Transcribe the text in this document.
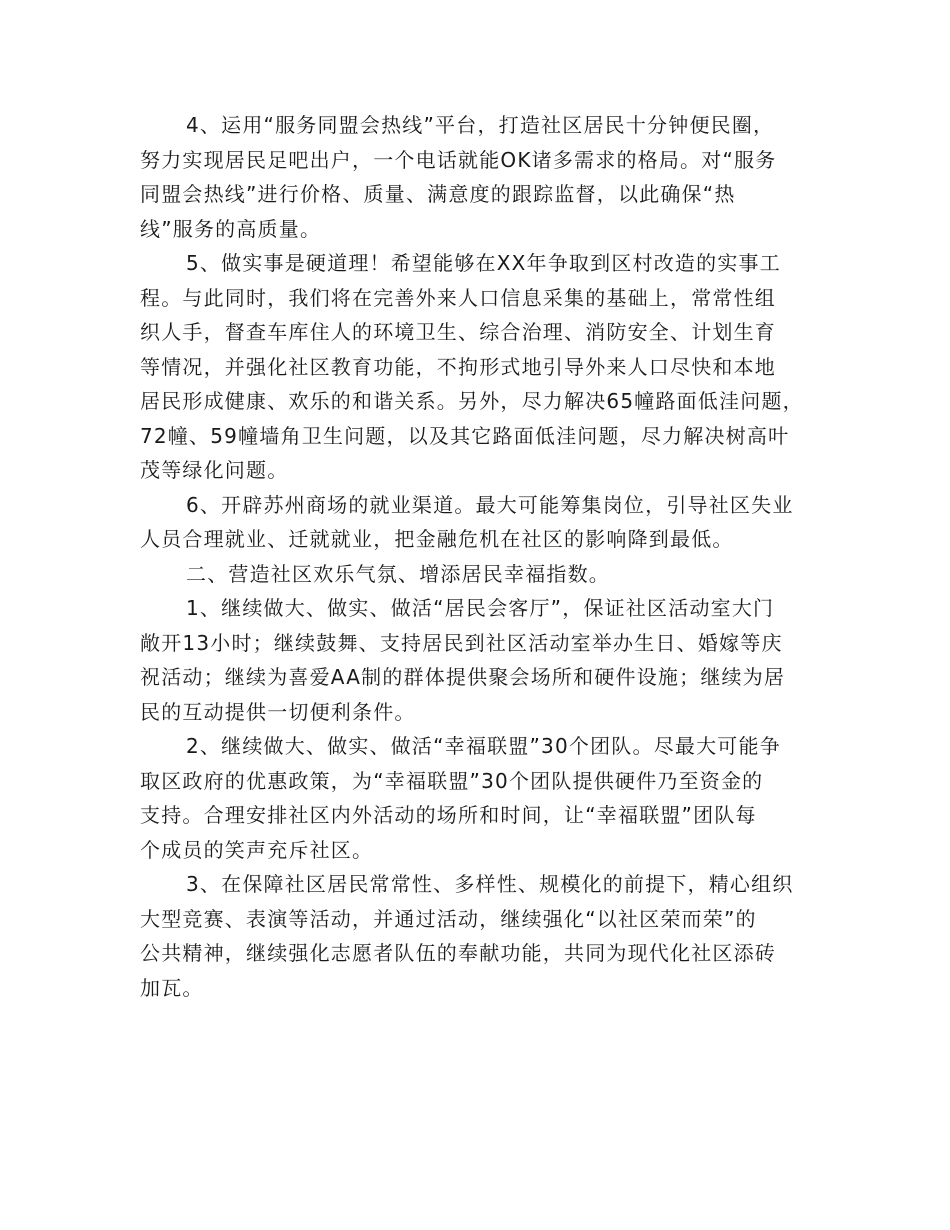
4、运用“服务同盟会热线”平台，打造社区居民十分钟便民圈，
努力实现居民足吧出户，一个电话就能OK诸多需求的格局。对“服务
同盟会热线”进行价格、质量、满意度的跟踪监督，以此确保“热
线”服务的高质量。
5、做实事是硬道理！希望能够在XX年争取到区村改造的实事工
程。与此同时，我们将在完善外来人口信息采集的基础上，常常性组
织人手，督查车库住人的环境卫生、综合治理、消防安全、计划生育
等情况，并强化社区教育功能，不拘形式地引导外来人口尽快和本地
居民形成健康、欢乐的和谐关系。另外，尽力解决65幢路面低洼问题，
72幢、59幢墙角卫生问题，以及其它路面低洼问题，尽力解决树高叶
茂等绿化问题。
6、开辟苏州商场的就业渠道。最大可能筹集岗位，引导社区失业
人员合理就业、迁就就业，把金融危机在社区的影响降到最低。
二、营造社区欢乐气氛、增添居民幸福指数。
1、继续做大、做实、做活“居民会客厅”，保证社区活动室大门
敞开13小时；继续鼓舞、支持居民到社区活动室举办生日、婚嫁等庆
祝活动；继续为喜爱AA制的群体提供聚会场所和硬件设施；继续为居
民的互动提供一切便利条件。
2、继续做大、做实、做活“幸福联盟”30个团队。尽最大可能争
取区政府的优惠政策，为“幸福联盟”30个团队提供硬件乃至资金的
支持。合理安排社区内外活动的场所和时间，让“幸福联盟”团队每
个成员的笑声充斥社区。
3、在保障社区居民常常性、多样性、规模化的前提下，精心组织
大型竞赛、表演等活动，并通过活动，继续强化“以社区荣而荣”的
公共精神，继续强化志愿者队伍的奉献功能，共同为现代化社区添砖
加瓦。
